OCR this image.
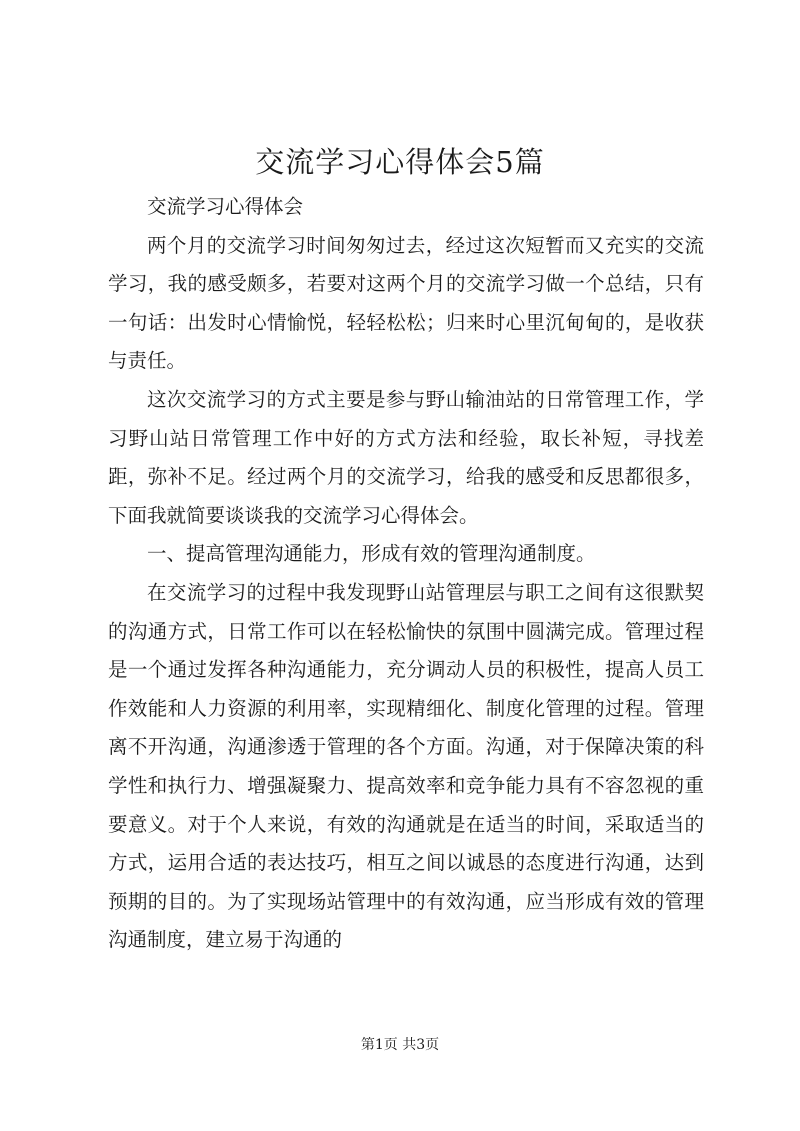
交流学习心得体会5篇

交流学习心得体会

两个月的交流学习时间匆匆过去，经过这次短暂而又充实的交流学习，我的感受颇多，若要对这两个月的交流学习做一个总结，只有一句话：出发时心情愉悦，轻轻松松；归来时心里沉甸甸的，是收获与责任。

这次交流学习的方式主要是参与野山输油站的日常管理工作，学习野山站日常管理工作中好的方式方法和经验，取长补短，寻找差距，弥补不足。经过两个月的交流学习，给我的感受和反思都很多，下面我就简要谈谈我的交流学习心得体会。

一、提高管理沟通能力，形成有效的管理沟通制度。

在交流学习的过程中我发现野山站管理层与职工之间有这很默契的沟通方式，日常工作可以在轻松愉快的氛围中圆满完成。管理过程是一个通过发挥各种沟通能力，充分调动人员的积极性，提高人员工作效能和人力资源的利用率，实现精细化、制度化管理的过程。管理离不开沟通，沟通渗透于管理的各个方面。沟通，对于保障决策的科学性和执行力、增强凝聚力、提高效率和竞争能力具有不容忽视的重要意义。对于个人来说，有效的沟通就是在适当的时间，采取适当的方式，运用合适的表达技巧，相互之间以诚恳的态度进行沟通，达到预期的目的。为了实现场站管理中的有效沟通，应当形成有效的管理沟通制度，建立易于沟通的

第1页 共3页
